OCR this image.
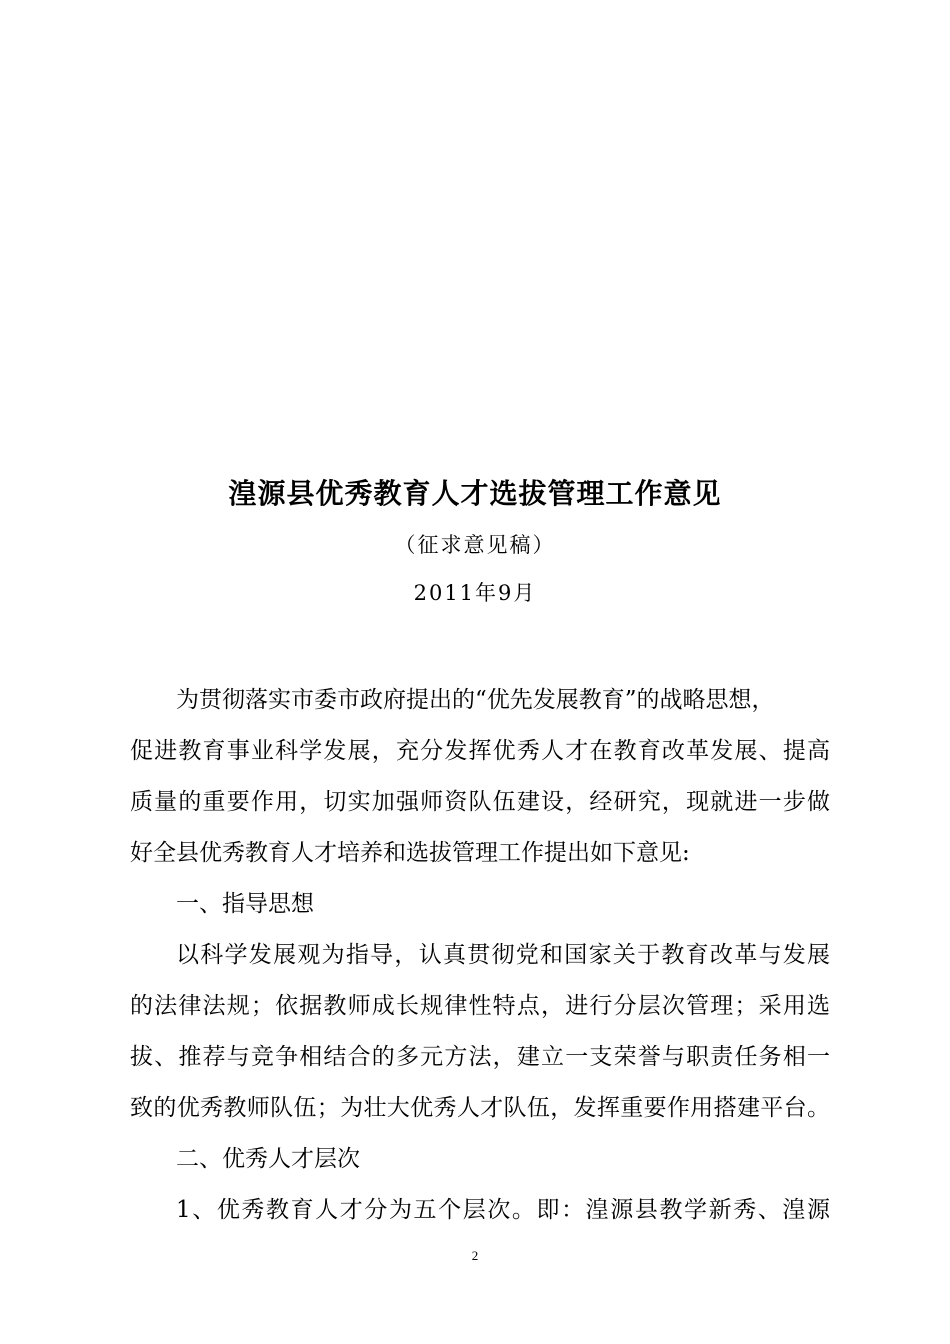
湟源县优秀教育人才选拔管理工作意见
（征求意见稿）
2011年9月
为贯彻落实市委市政府提出的“优先发展教育”的战略思想，
促进教育事业科学发展，充分发挥优秀人才在教育改革发展、提高
质量的重要作用，切实加强师资队伍建设，经研究，现就进一步做
好全县优秀教育人才培养和选拔管理工作提出如下意见:
一、指导思想
以科学发展观为指导，认真贯彻党和国家关于教育改革与发展
的法律法规；依据教师成长规律性特点，进行分层次管理；采用选
拔、推荐与竞争相结合的多元方法，建立一支荣誉与职责任务相一
致的优秀教师队伍；为壮大优秀人才队伍，发挥重要作用搭建平台。
二、优秀人才层次
1、优秀教育人才分为五个层次。即：湟源县教学新秀、湟源
2
